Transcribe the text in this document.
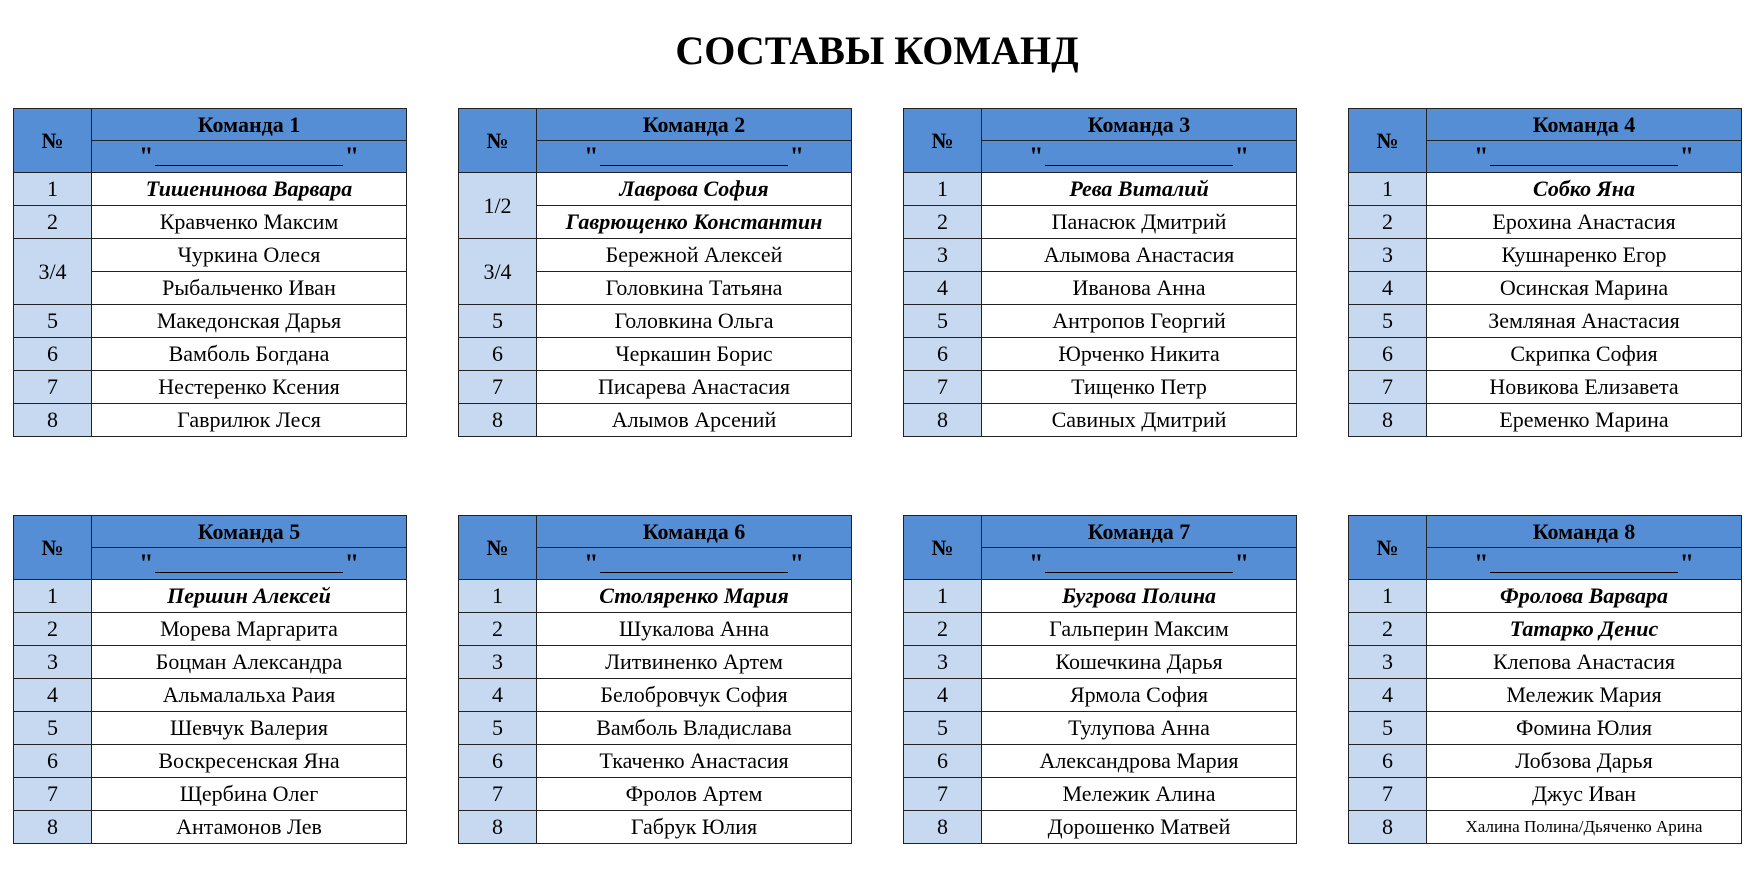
СОСТАВЫ КОМАНД
№	Команда 1

	" "

1	Тишенинова Варвара
2	Кравченко Максим
3/4	Чуркина Олеся
	Рыбальченко Иван
5	Македонская Дарья
6	Вамболь Богдана
7	Нестеренко Ксения
8	Гаврилюк Леся
№	Команда 2

	" "

1/2	Лаврова София
	Гаврющенко Константин
3/4	Бережной Алексей
	Головкина Татьяна
5	Головкина Ольга
6	Черкашин Борис
7	Писарева Анастасия
8	Алымов Арсений
№	Команда 3

	" "

1	Рева Виталий
2	Панасюк Дмитрий
3	Алымова Анастасия
4	Иванова Анна
5	Антропов Георгий
6	Юрченко Никита
7	Тищенко Петр
8	Савиных Дмитрий
№	Команда 4

	" "

1	Собко Яна
2	Ерохина Анастасия
3	Кушнаренко Егор
4	Осинская Марина
5	Земляная Анастасия
6	Скрипка София
7	Новикова Елизавета
8	Еременко Марина
№	Команда 5

	" "

1	Першин Алексей
2	Морева Маргарита
3	Боцман Александра
4	Альмалальха Раия
5	Шевчук Валерия
6	Воскресенская Яна
7	Щербина Олег
8	Антамонов Лев
№	Команда 6

	" "

1	Столяренко Мария
2	Шукалова Анна
3	Литвиненко Артем
4	Белобровчук София
5	Вамболь Владислава
6	Ткаченко Анастасия
7	Фролов Артем
8	Габрук Юлия
№	Команда 7

	" "

1	Бугрова Полина
2	Гальперин Максим
3	Кошечкина Дарья
4	Ярмола София
5	Тулупова Анна
6	Александрова Мария
7	Мележик Алина
8	Дорошенко Матвей
№	Команда 8

	" "

1	Фролова Варвара
2	Татарко Денис
3	Клепова Анастасия
4	Мележик Мария
5	Фомина Юлия
6	Лобзова Дарья
7	Джус Иван
8	Халина Полина/Дьяченко Арина
